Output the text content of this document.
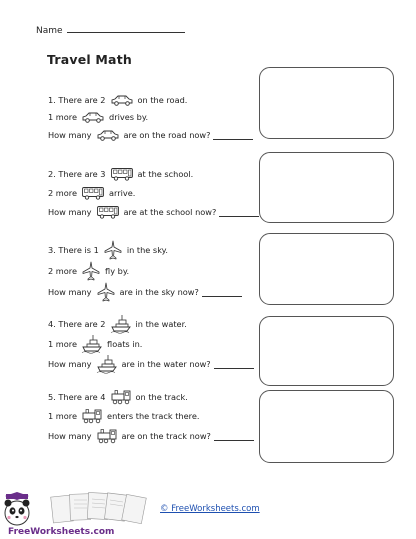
Name
Travel Math
1. There are 2	on the road.
1 more	drives by.
How many	are on the road now?
2. There are 3	at the school.
2 more	arrive.
How many	are at the school now?
3. There is 1	in the sky.
2 more	fly by.
How many	are in the sky now?
4. There are 2	in the water.
1 more	floats in.
How many	are in the water now?
5. There are 4	on the track.
1 more	enters the track there.
How many	are on the track now?
FreeWorksheets.com
© FreeWorksheets.com
